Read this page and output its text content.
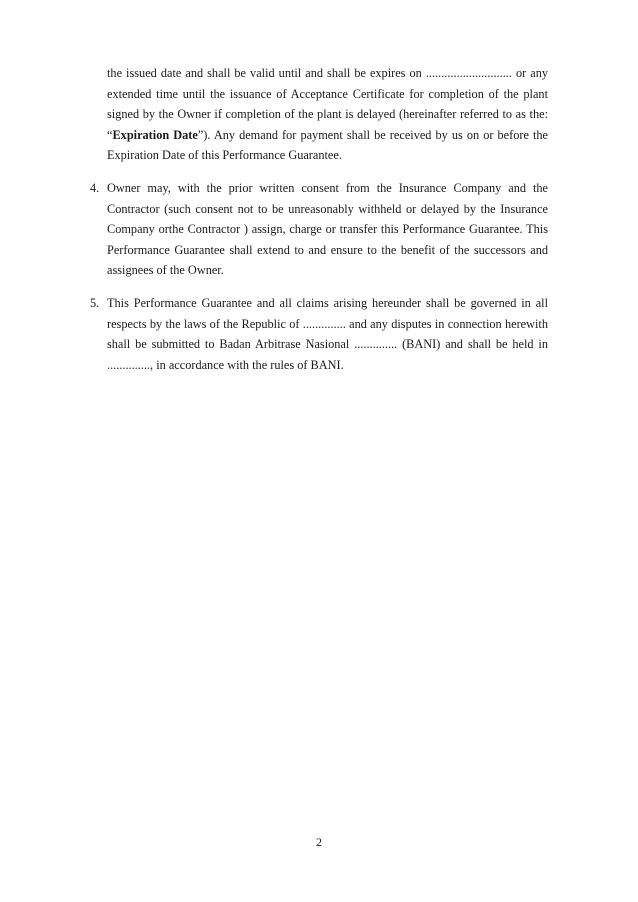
the issued date and shall be valid until and shall be expires on ............................ or any extended time until the issuance of Acceptance Certificate for completion of the plant signed by the Owner if completion of the plant is delayed (hereinafter referred to as the: “Expiration Date”). Any demand for payment shall be received by us on or before the Expiration Date of this Performance Guarantee.

4. Owner may, with the prior written consent from the Insurance Company and the Contractor (such consent not to be unreasonably withheld or delayed by the Insurance Company orthe Contractor ) assign, charge or transfer this Performance Guarantee. This Performance Guarantee shall extend to and ensure to the benefit of the successors and assignees of the Owner.
5. This Performance Guarantee and all claims arising hereunder shall be governed in all respects by the laws of the Republic of .............. and any disputes in connection herewith shall be submitted to Badan Arbitrase Nasional .............. (BANI) and shall be held in .............., in accordance with the rules of BANI.
2
